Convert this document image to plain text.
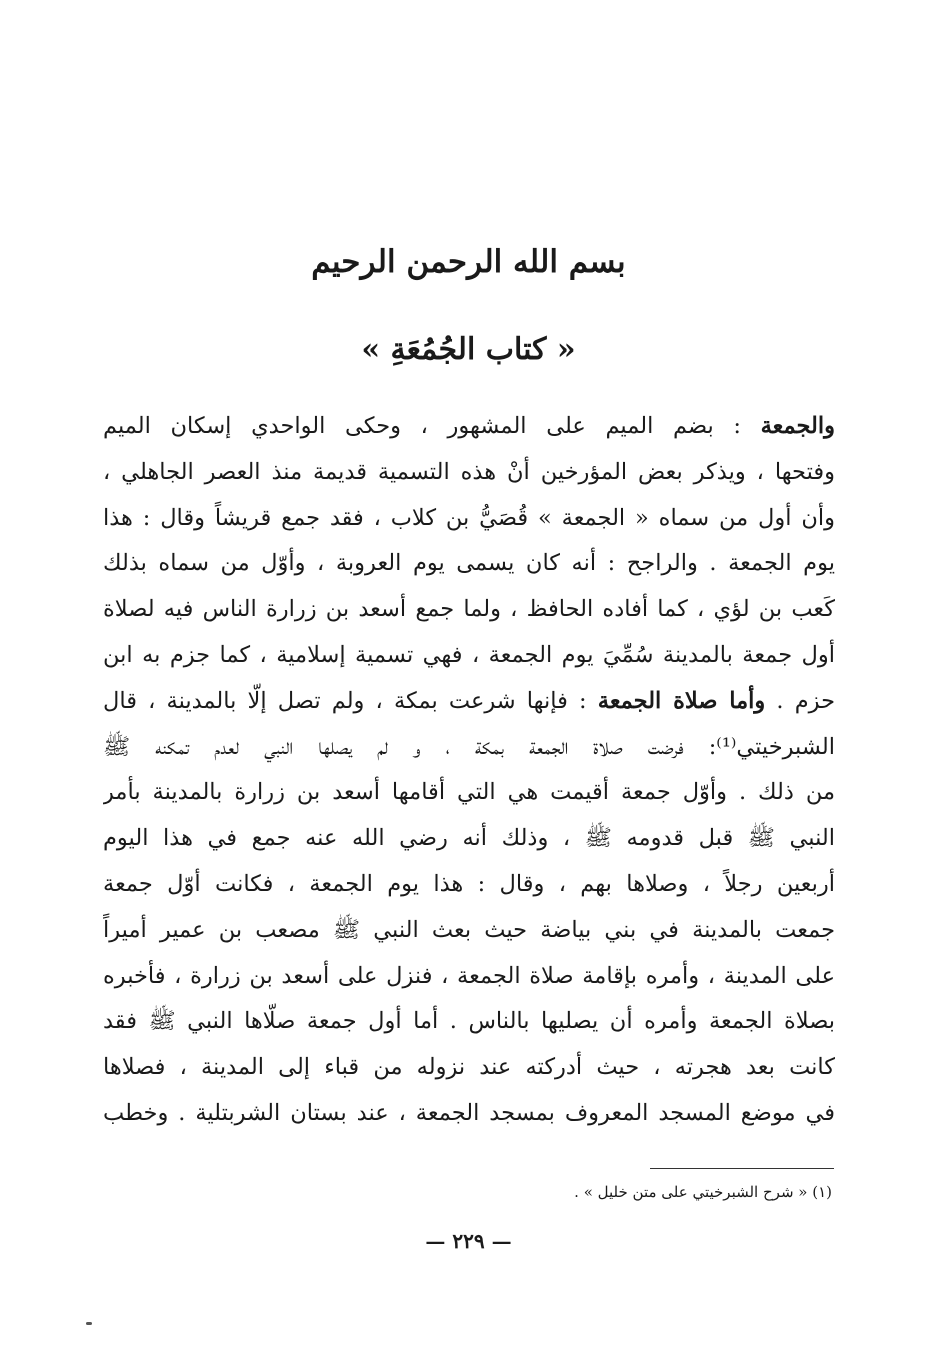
بسم الله الرحمن الرحيم
« كتاب الجُمُعَةِ »
والجمعة : بضم الميم على المشهور ، وحكى الواحدي إسكان الميم
وفتحها ، ويذكر بعض المؤرخين أنْ هذه التسمية قديمة منذ العصر الجاهلي ،
وأن أول من سماه « الجمعة » قُصَيُّ بن كلاب ، فقد جمع قريشاً وقال : هذا
يوم الجمعة . والراجح : أنه كان يسمى يوم العروبة ، وأوّل من سماه بذلك
كَعب بن لؤي ، كما أفاده الحافظ ، ولما جمع أسعد بن زرارة الناس فيه لصلاة
أول جمعة بالمدينة سُمِّيَ يوم الجمعة ، فهي تسمية إسلامية ، كما جزم به ابن
حزم . وأما صلاة الجمعة : فإنها شرعت بمكة ، ولم تصل إلّا بالمدينة ، قال
الشبرخيتي⁽¹⁾: فرضت صلاة الجمعة بمكة ، و لم يصلها النبي لعدم تمكنه ﷺ
من ذلك . وأوّل جمعة أقيمت هي التي أقامها أسعد بن زرارة بالمدينة بأمر
النبي ﷺ قبل قدومه ﷺ ، وذلك أنه رضي الله عنه جمع في هذا اليوم
أربعين رجلاً ، وصلاها بهم ، وقال : هذا يوم الجمعة ، فكانت أوّل جمعة
جمعت بالمدينة في بني بياضة حيث بعث النبي ﷺ مصعب بن عمير أميراً
على المدينة ، وأمره بإقامة صلاة الجمعة ، فنزل على أسعد بن زرارة ، فأخبره
بصلاة الجمعة وأمره أن يصليها بالناس . أما أول جمعة صلّاها النبي ﷺ فقد
كانت بعد هجرته ، حيث أدركته عند نزوله من قباء إلى المدينة ، فصلاها
في موضع المسجد المعروف بمسجد الجمعة ، عند بستان الشربتلية . وخطب
(١) « شرح الشبرخيتي على متن خليل » .
— ٢٢٩ —
